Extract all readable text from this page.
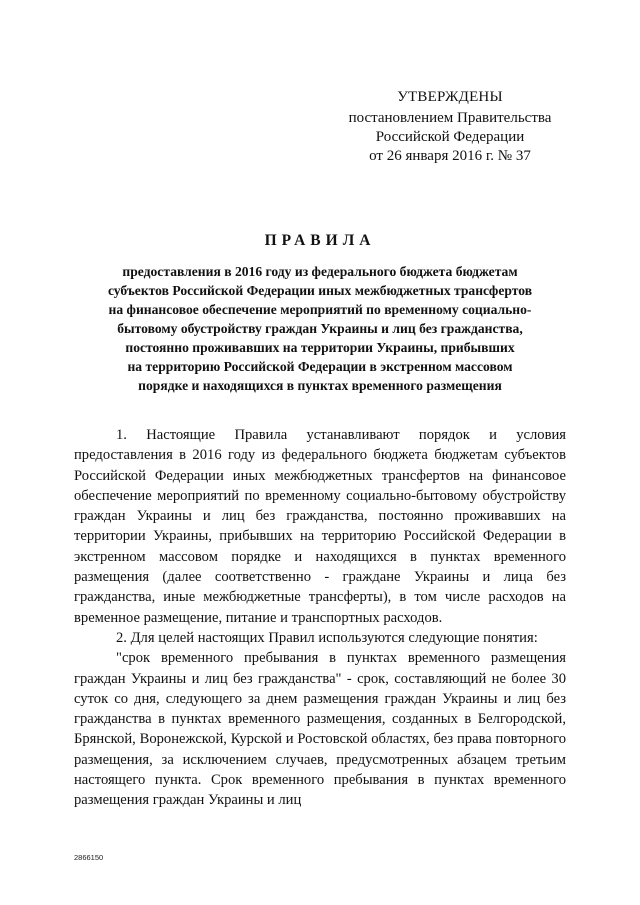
УТВЕРЖДЕНЫ
постановлением Правительства
Российской Федерации
от 26 января 2016 г. № 37
ПРАВИЛА
предоставления в 2016 году из федерального бюджета бюджетам
субъектов Российской Федерации иных межбюджетных трансфертов
на финансовое обеспечение мероприятий по временному социально-
бытовому обустройству граждан Украины и лиц без гражданства,
постоянно проживавших на территории Украины, прибывших
на территорию Российской Федерации в экстренном массовом
порядке и находящихся в пунктах временного размещения

1. Настоящие Правила устанавливают порядок и условия предоставления в 2016 году из федерального бюджета бюджетам субъектов Российской Федерации иных межбюджетных трансфертов на финансовое обеспечение мероприятий по временному социально-бытовому обустройству граждан Украины и лиц без гражданства, постоянно проживавших на территории Украины, прибывших на территорию Российской Федерации в экстренном массовом порядке и находящихся в пунктах временного размещения (далее соответственно - граждане Украины и лица без гражданства, иные межбюджетные трансферты), в том числе расходов на временное размещение, питание и транспортных расходов.

2. Для целей настоящих Правил используются следующие понятия:

"срок временного пребывания в пунктах временного размещения граждан Украины и лиц без гражданства" - срок, составляющий не более 30 суток со дня, следующего за днем размещения граждан Украины и лиц без гражданства в пунктах временного размещения, созданных в Белгородской, Брянской, Воронежской, Курской и Ростовской областях, без права повторного размещения, за исключением случаев, предусмотренных абзацем третьим настоящего пункта. Срок временного пребывания в пунктах временного размещения граждан Украины и лиц

2866150
